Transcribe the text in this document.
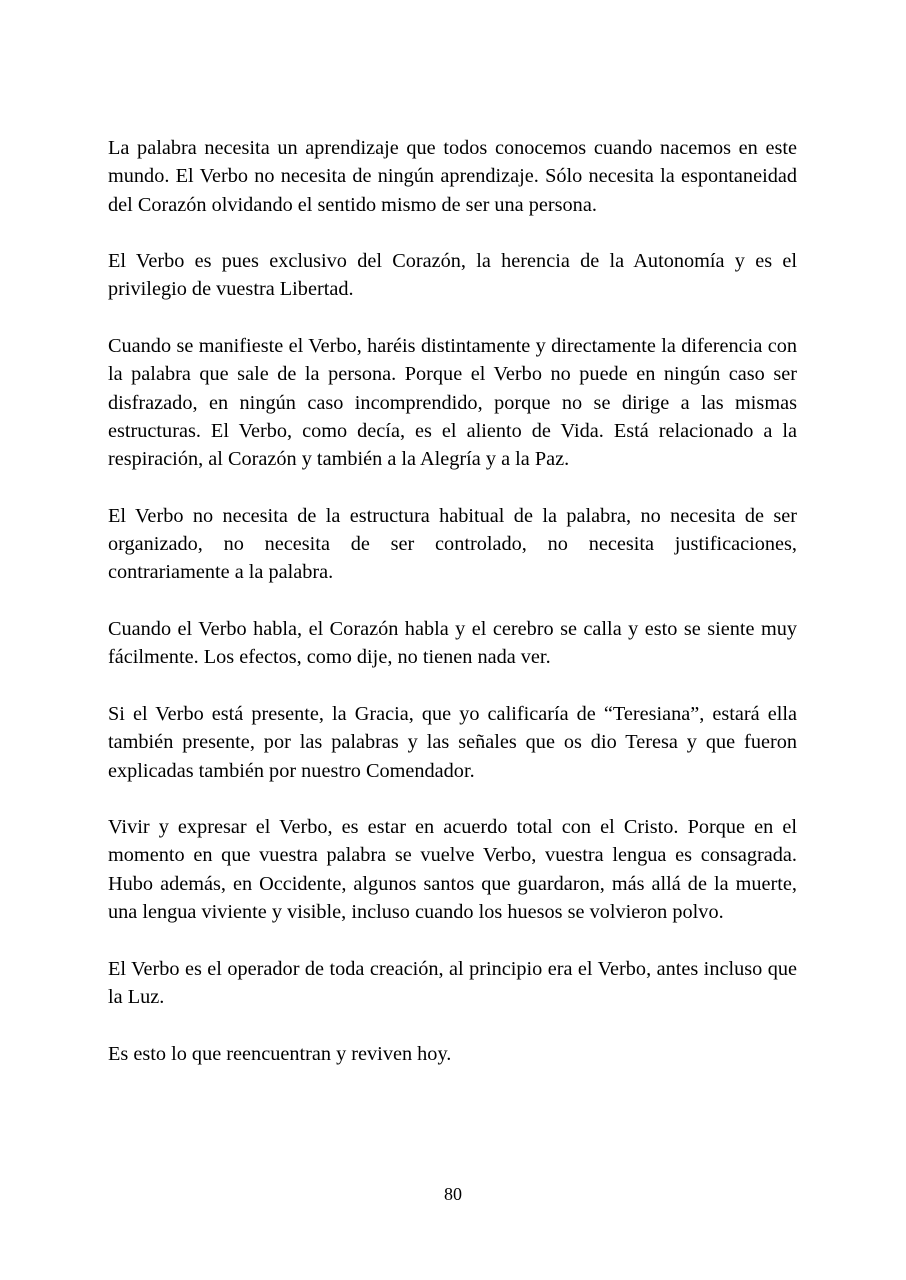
La palabra necesita un aprendizaje que todos conocemos cuando nacemos en este mundo. El Verbo no necesita de ningún aprendizaje. Sólo necesita la espontaneidad del Corazón olvidando el sentido mismo de ser una persona.

El Verbo es pues exclusivo del Corazón, la herencia de la Autonomía y es el privilegio de vuestra Libertad.

Cuando se manifieste el Verbo, haréis distintamente y directamente la diferencia con la palabra que sale de la persona. Porque el Verbo no puede en ningún caso ser disfrazado, en ningún caso incomprendido, porque no se dirige a las mismas estructuras. El Verbo, como decía, es el aliento de Vida. Está relacionado a la respiración, al Corazón y también a la Alegría y a la Paz.

El Verbo no necesita de la estructura habitual de la palabra, no necesita de ser organizado, no necesita de ser controlado, no necesita justificaciones, contrariamente a la palabra.

Cuando el Verbo habla, el Corazón habla y el cerebro se calla y esto se siente muy fácilmente. Los efectos, como dije, no tienen nada ver.

Si el Verbo está presente, la Gracia, que yo calificaría de “Teresiana”, estará ella también presente, por las palabras y las señales que os dio Teresa y que fueron explicadas también por nuestro Comendador.

Vivir y expresar el Verbo, es estar en acuerdo total con el Cristo. Porque en el momento en que vuestra palabra se vuelve Verbo, vuestra lengua es consagrada. Hubo además, en Occidente, algunos santos que guardaron, más allá de la muerte, una lengua viviente y visible, incluso cuando los huesos se volvieron polvo.

El Verbo es el operador de toda creación, al principio era el Verbo, antes incluso que la Luz.

Es esto lo que reencuentran y reviven hoy.

80
